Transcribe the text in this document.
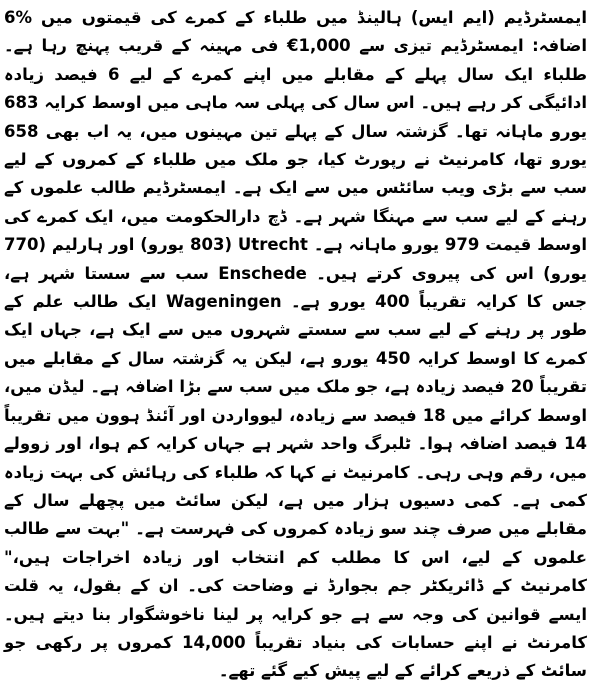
ایمسٹرڈیم (ایم ایس) ہالینڈ میں طلباء کے کمرے کی قیمتوں میں %6 اضافہ: ایمسٹرڈیم تیزی سے 1,000€ فی مہینہ کے قریب پہنچ رہا ہے۔ طلباء ایک سال پہلے کے مقابلے میں اپنے کمرے کے لیے 6 فیصد زیادہ ادائیگی کر رہے ہیں۔ اس سال کی پہلی سہ ماہی میں اوسط کرایہ 683 یورو ماہانہ تھا۔ گزشتہ سال کے پہلے تین مہینوں میں، یہ اب بھی 658 یورو تھا، کامرنیٹ نے رپورٹ کیا، جو ملک میں طلباء کے کمروں کے لیے سب سے بڑی ویب سائٹس میں سے ایک ہے۔ ایمسٹرڈیم طالب علموں کے رہنے کے لیے سب سے مہنگا شہر ہے۔ ڈچ دارالحکومت میں، ایک کمرے کی اوسط قیمت 979 یورو ماہانہ ہے۔ Utrecht (803 یورو) اور ہارلیم (770 یورو) اس کی پیروی کرتے ہیں۔ Enschede سب سے سستا شہر ہے، جس کا کرایہ تقریباً 400 یورو ہے۔ Wageningen ایک طالب علم کے طور پر رہنے کے لیے سب سے سستے شہروں میں سے ایک ہے، جہاں ایک کمرے کا اوسط کرایہ 450 یورو ہے، لیکن یہ گزشتہ سال کے مقابلے میں تقریباً 20 فیصد زیادہ ہے، جو ملک میں سب سے بڑا اضافہ ہے۔ لیڈن میں، اوسط کرائے میں 18 فیصد سے زیادہ، لیوواردن اور آئنڈ ہوون میں تقریباً 14 فیصد اضافہ ہوا۔ ٹلبرگ واحد شہر ہے جہاں کرایہ کم ہوا، اور زوولے میں، رقم وہی رہی۔ کامرنیٹ نے کہا کہ طلباء کی رہائش کی بہت زیادہ کمی ہے۔ کمی دسیوں ہزار میں ہے، لیکن سائٹ میں پچھلے سال کے مقابلے میں صرف چند سو زیادہ کمروں کی فہرست ہے۔ "بہت سے طالب علموں کے لیے، اس کا مطلب کم انتخاب اور زیادہ اخراجات ہیں،" کامرنیٹ کے ڈائریکٹر جم بجوارڈ نے وضاحت کی۔ ان کے بقول، یہ قلت ایسے قوانین کی وجہ سے ہے جو کرایہ پر لینا ناخوشگوار بنا دیتے ہیں۔ کامرنٹ نے اپنے حسابات کی بنیاد تقریباً 14,000 کمروں پر رکھی جو سائٹ کے ذریعے کرائے کے لیے پیش کیے گئے تھے۔
